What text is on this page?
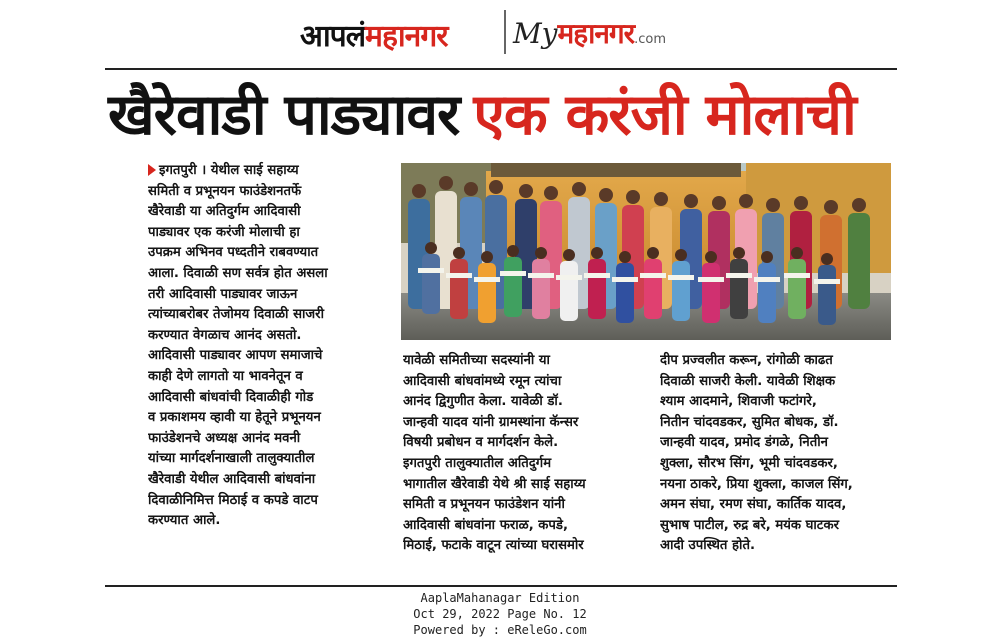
आपलंमहानगर Myमहानगर.com
खैरेवाडी पाड्यावर एक करंजी मोलाची
इगतपुरी । येथील साई सहाय्य
समिती व प्रभूनयन फाउंडेशनतर्फे
खैरेवाडी या अतिदुर्गम आदिवासी
पाड्यावर एक करंजी मोलाची हा
उपक्रम अभिनव पध्दतीने राबवण्यात
आला. दिवाळी सण सर्वत्र होत असला
तरी आदिवासी पाड्यावर जाऊन
त्यांच्याबरोबर तेजोमय दिवाळी साजरी
करण्यात वेगळाच आनंद असतो.
आदिवासी पाड्यावर आपण समाजाचे
काही देणे लागतो या भावनेतून व
आदिवासी बांधवांची दिवाळीही गोड
व प्रकाशमय व्हावी या हेतूने प्रभूनयन
फाउंडेशनचे अध्यक्ष आनंद मवनी
यांच्या मार्गदर्शनाखाली तालुक्यातील
खैरेवाडी येथील आदिवासी बांधवांना
दिवाळीनिमित्त मिठाई व कपडे वाटप
करण्यात आले.
यावेळी समितीच्या सदस्यांनी या
आदिवासी बांधवांमध्ये रमून त्यांचा
आनंद द्विगुणीत केला. यावेळी डॉ.
जान्हवी यादव यांनी ग्रामस्थांना कॅन्सर
विषयी प्रबोधन व मार्गदर्शन केले.
इगतपुरी तालुक्यातील अतिदुर्गम
भागातील खैरेवाडी येथे श्री साई सहाय्य
समिती व प्रभूनयन फाउंडेशन यांनी
आदिवासी बांधवांना फराळ, कपडे,
मिठाई, फटाके वाटून त्यांच्या घरासमोर
दीप प्रज्वलीत करून, रांगोळी काढत
दिवाळी साजरी केली. यावेळी शिक्षक
श्याम आदमाने, शिवाजी फटांगरे,
नितीन चांदवडकर, सुमित बोधक, डॉ.
जान्हवी यादव, प्रमोद डंगळे, नितीन
शुक्ला, सौरभ सिंग, भूमी चांदवडकर,
नयना ठाकरे, प्रिया शुक्ला, काजल सिंग,
अमन संघा, रमण संघा, कार्तिक यादव,
सुभाष पाटील, रुद्र बरे, मयंक घाटकर
आदी उपस्थित होते.
AaplaMahanagar Edition
Oct 29, 2022 Page No. 12
Powered by : eReleGo.com
